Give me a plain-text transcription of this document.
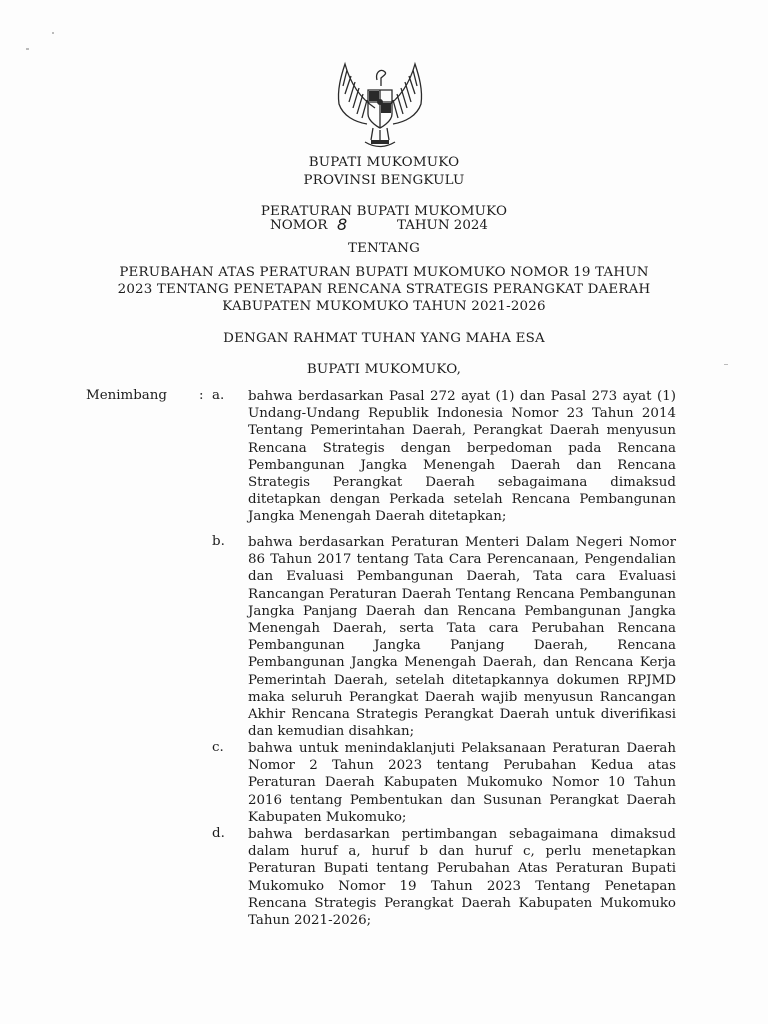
BUPATI MUKOMUKO
PROVINSI BENGKULU
PERATURAN BUPATI MUKOMUKO
NOMOR 8	TAHUN 2024
TENTANG
PERUBAHAN ATAS PERATURAN BUPATI MUKOMUKO NOMOR 19 TAHUN
2023 TENTANG PENETAPAN RENCANA STRATEGIS PERANGKAT DAERAH
KABUPATEN MUKOMUKO TAHUN 2021-2026
DENGAN RAHMAT TUHAN YANG MAHA ESA
BUPATI MUKOMUKO,
Menimbang : a. bahwa berdasarkan Pasal 272 ayat (1) dan Pasal 273 ayat (1) Undang-Undang Republik Indonesia Nomor 23 Tahun 2014 Tentang Pemerintahan Daerah, Perangkat Daerah menyusun Rencana Strategis dengan berpedoman pada Rencana Pembangunan Jangka Menengah Daerah dan Rencana Strategis Perangkat Daerah sebagaimana dimaksud ditetapkan dengan Perkada setelah Rencana Pembangunan Jangka Menengah Daerah ditetapkan;
b. bahwa berdasarkan Peraturan Menteri Dalam Negeri Nomor 86 Tahun 2017 tentang Tata Cara Perencanaan, Pengendalian dan Evaluasi Pembangunan Daerah, Tata cara Evaluasi Rancangan Peraturan Daerah Tentang Rencana Pembangunan Jangka Panjang Daerah dan Rencana Pembangunan Jangka Menengah Daerah, serta Tata cara Perubahan Rencana Pembangunan Jangka Panjang Daerah, Rencana Pembangunan Jangka Menengah Daerah, dan Rencana Kerja Pemerintah Daerah, setelah ditetapkannya dokumen RPJMD maka seluruh Perangkat Daerah wajib menyusun Rancangan Akhir Rencana Strategis Perangkat Daerah untuk diverifikasi dan kemudian disahkan;
c. bahwa untuk menindaklanjuti Pelaksanaan Peraturan Daerah Nomor 2 Tahun 2023 tentang Perubahan Kedua atas Peraturan Daerah Kabupaten Mukomuko Nomor 10 Tahun 2016 tentang Pembentukan dan Susunan Perangkat Daerah Kabupaten Mukomuko;
d. bahwa berdasarkan pertimbangan sebagaimana dimaksud dalam huruf a, huruf b dan huruf c, perlu menetapkan Peraturan Bupati tentang Perubahan Atas Peraturan Bupati Mukomuko Nomor 19 Tahun 2023 Tentang Penetapan Rencana Strategis Perangkat Daerah Kabupaten Mukomuko Tahun 2021-2026;
